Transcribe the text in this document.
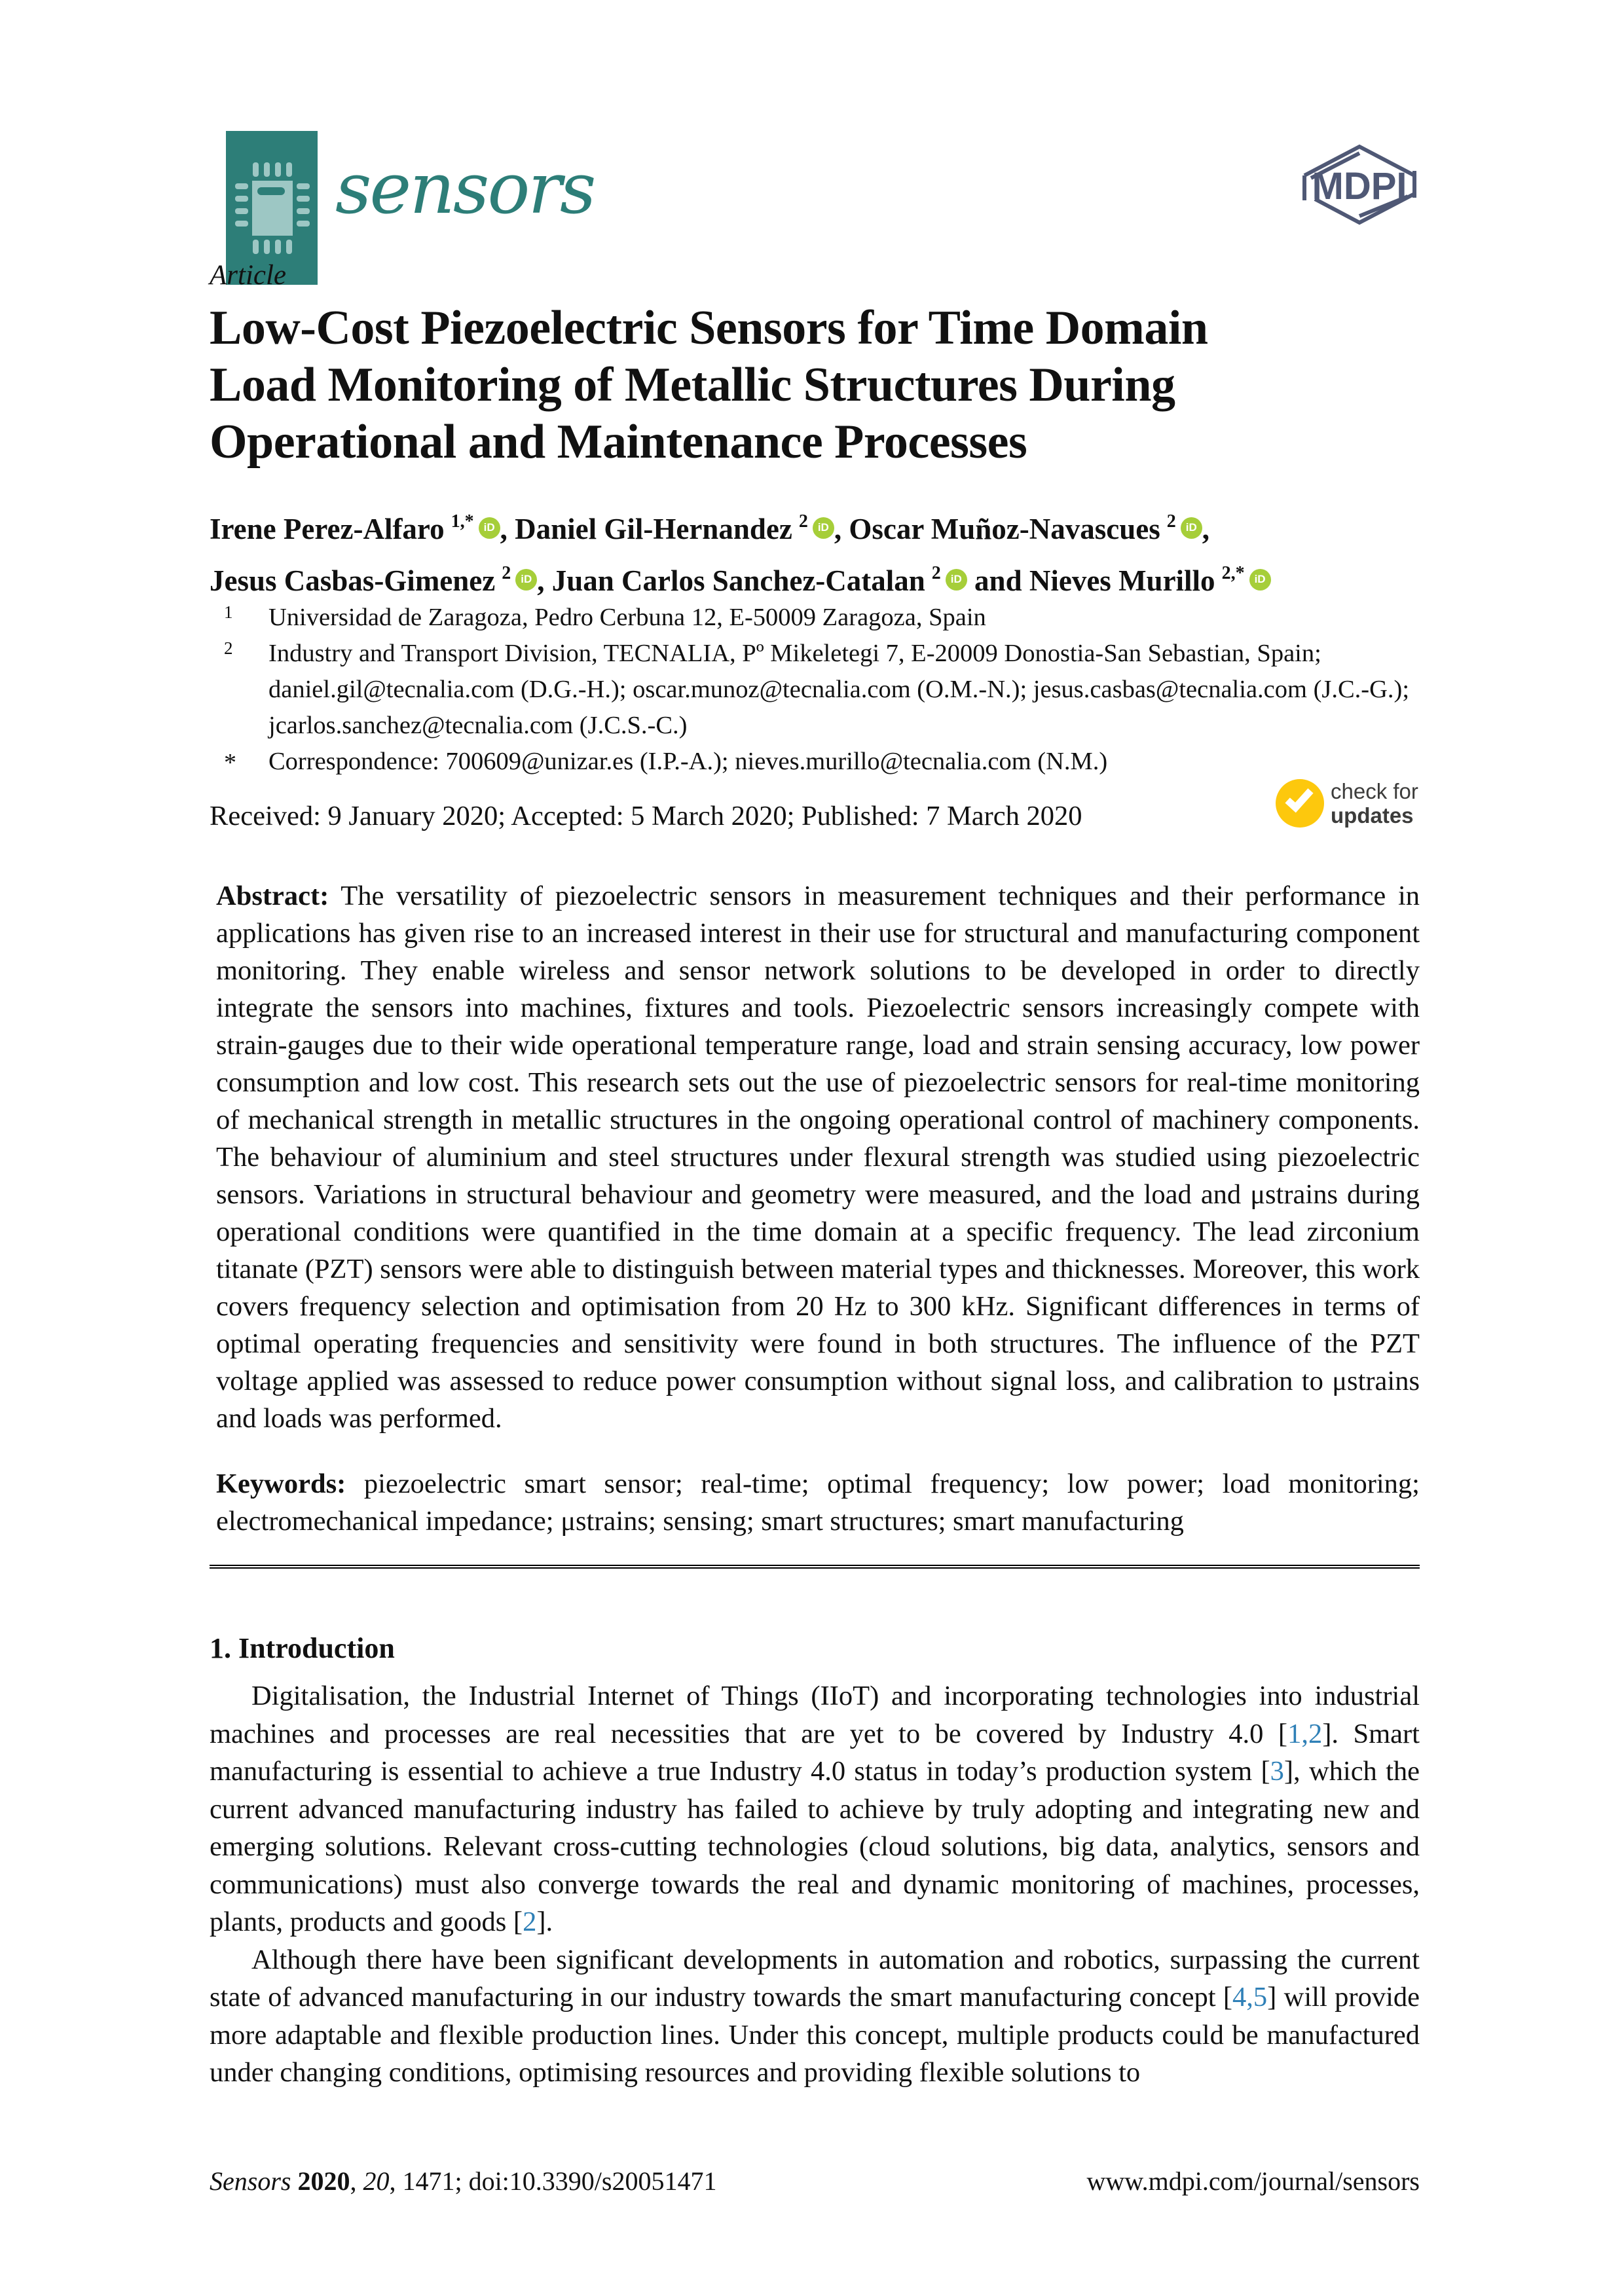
sensors	MDPI
Article
Low-Cost Piezoelectric Sensors for Time Domain
Load Monitoring of Metallic Structures During
Operational and Maintenance Processes
Irene Perez-Alfaro $^{1,*}$ iD , Daniel Gil-Hernandez $^2$ iD , Oscar Muñoz-Navascues $^2$ iD ,
Jesus Casbas-Gimenez $^2$ iD , Juan Carlos Sanchez-Catalan $^2$ iD and Nieves Murillo $^{2,*}$ iD
1 Universidad de Zaragoza, Pedro Cerbuna 12, E-50009 Zaragoza, Spain
2 Industry and Transport Division, TECNALIA, Pº Mikeletegi 7, E-20009 Donostia-San Sebastian, Spain; daniel.gil@tecnalia.com (D.G.-H.); oscar.munoz@tecnalia.com (O.M.-N.); jesus.casbas@tecnalia.com (J.C.-G.); jcarlos.sanchez@tecnalia.com (J.C.S.-C.)
* Correspondence: 700609@unizar.es (I.P.-A.); nieves.murillo@tecnalia.com (N.M.)
Received: 9 January 2020; Accepted: 5 March 2020; Published: 7 March 2020
check for
updates
Abstract: The versatility of piezoelectric sensors in measurement techniques and their performance in applications has given rise to an increased interest in their use for structural and manufacturing component monitoring. They enable wireless and sensor network solutions to be developed in order to directly integrate the sensors into machines, fixtures and tools. Piezoelectric sensors increasingly compete with strain-gauges due to their wide operational temperature range, load and strain sensing accuracy, low power consumption and low cost. This research sets out the use of piezoelectric sensors for real-time monitoring of mechanical strength in metallic structures in the ongoing operational control of machinery components. The behaviour of aluminium and steel structures under flexural strength was studied using piezoelectric sensors. Variations in structural behaviour and geometry were measured, and the load and μstrains during operational conditions were quantified in the time domain at a specific frequency. The lead zirconium titanate (PZT) sensors were able to distinguish between material types and thicknesses. Moreover, this work covers frequency selection and optimisation from 20 Hz to 300 kHz. Significant differences in terms of optimal operating frequencies and sensitivity were found in both structures. The influence of the PZT voltage applied was assessed to reduce power consumption without signal loss, and calibration to μstrains and loads was performed.
Keywords: piezoelectric smart sensor; real-time; optimal frequency; low power; load monitoring; electromechanical impedance; μstrains; sensing; smart structures; smart manufacturing
1. Introduction

Digitalisation, the Industrial Internet of Things (IIoT) and incorporating technologies into industrial machines and processes are real necessities that are yet to be covered by Industry 4.0 [1,2]. Smart manufacturing is essential to achieve a true Industry 4.0 status in today’s production system [3], which the current advanced manufacturing industry has failed to achieve by truly adopting and integrating new and emerging solutions. Relevant cross-cutting technologies (cloud solutions, big data, analytics, sensors and communications) must also converge towards the real and dynamic monitoring of machines, processes, plants, products and goods [2].

Although there have been significant developments in automation and robotics, surpassing the current state of advanced manufacturing in our industry towards the smart manufacturing concept [4,5] will provide more adaptable and flexible production lines. Under this concept, multiple products could be manufactured under changing conditions, optimising resources and providing flexible solutions to

Sensors 2020, 20, 1471; doi:10.3390/s20051471	www.mdpi.com/journal/sensors
